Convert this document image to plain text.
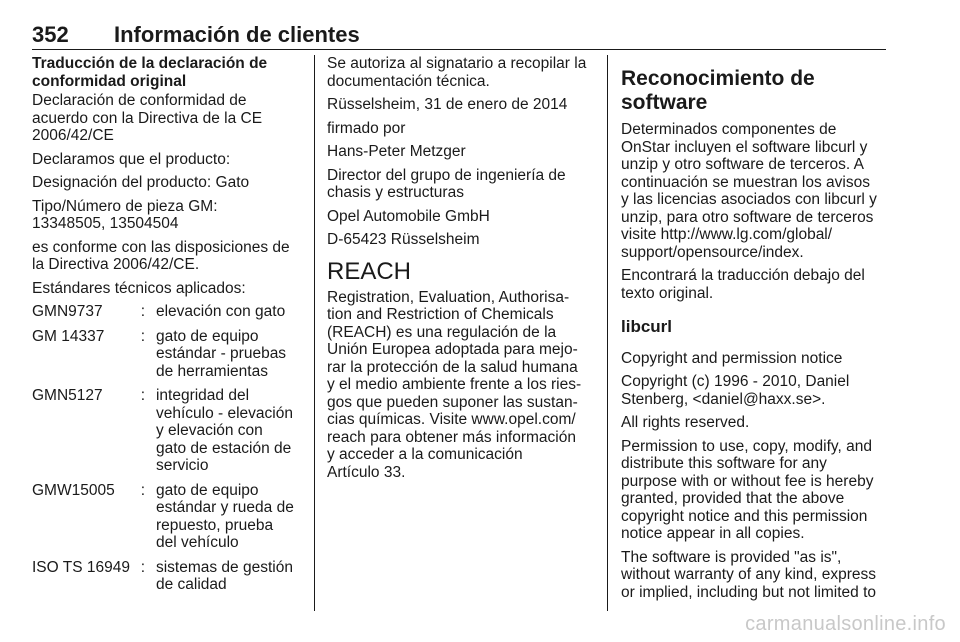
352 Información de clientes
Traducción de la declaración de
conformidad original
Declaración de conformidad de
acuerdo con la Directiva de la CE
2006/42/CE
Declaramos que el producto:
Designación del producto: Gato
Tipo/Número de pieza GM:
13348505, 13504504
es conforme con las disposiciones de
la Directiva 2006/42/CE.
Estándares técnicos aplicados:
GMN9737	:	elevación con gato
GM 14337	:	gato de equipo
estándar - pruebas
de herramientas
GMN5127	:	integridad del
vehículo - elevación
y elevación con
gato de estación de
servicio
GMW15005	:	gato de equipo
estándar y rueda de
repuesto, prueba
del vehículo
ISO TS 16949	:	sistemas de gestión
de calidad
Se autoriza al signatario a recopilar la
documentación técnica.
Rüsselsheim, 31 de enero de 2014
firmado por
Hans-Peter Metzger
Director del grupo de ingeniería de
chasis y estructuras
Opel Automobile GmbH
D-65423 Rüsselsheim
REACH
Registration, Evaluation, Authorisa-
tion and Restriction of Chemicals
(REACH) es una regulación de la
Unión Europea adoptada para mejo-
rar la protección de la salud humana
y el medio ambiente frente a los ries-
gos que pueden suponer las sustan-
cias químicas. Visite www.opel.com/
reach para obtener más información
y acceder a la comunicación
Artículo 33.
Reconocimiento de
software
Determinados componentes de
OnStar incluyen el software libcurl y
unzip y otro software de terceros. A
continuación se muestran los avisos
y las licencias asociados con libcurl y
unzip, para otro software de terceros
visite http://www.lg.com/global/
support/opensource/index.
Encontrará la traducción debajo del
texto original.
libcurl
Copyright and permission notice
Copyright (c) 1996 - 2010, Daniel
Stenberg, <daniel@haxx.se>.
All rights reserved.
Permission to use, copy, modify, and
distribute this software for any
purpose with or without fee is hereby
granted, provided that the above
copyright notice and this permission
notice appear in all copies.
The software is provided "as is",
without warranty of any kind, express
or implied, including but not limited to
carmanualsonline.info
